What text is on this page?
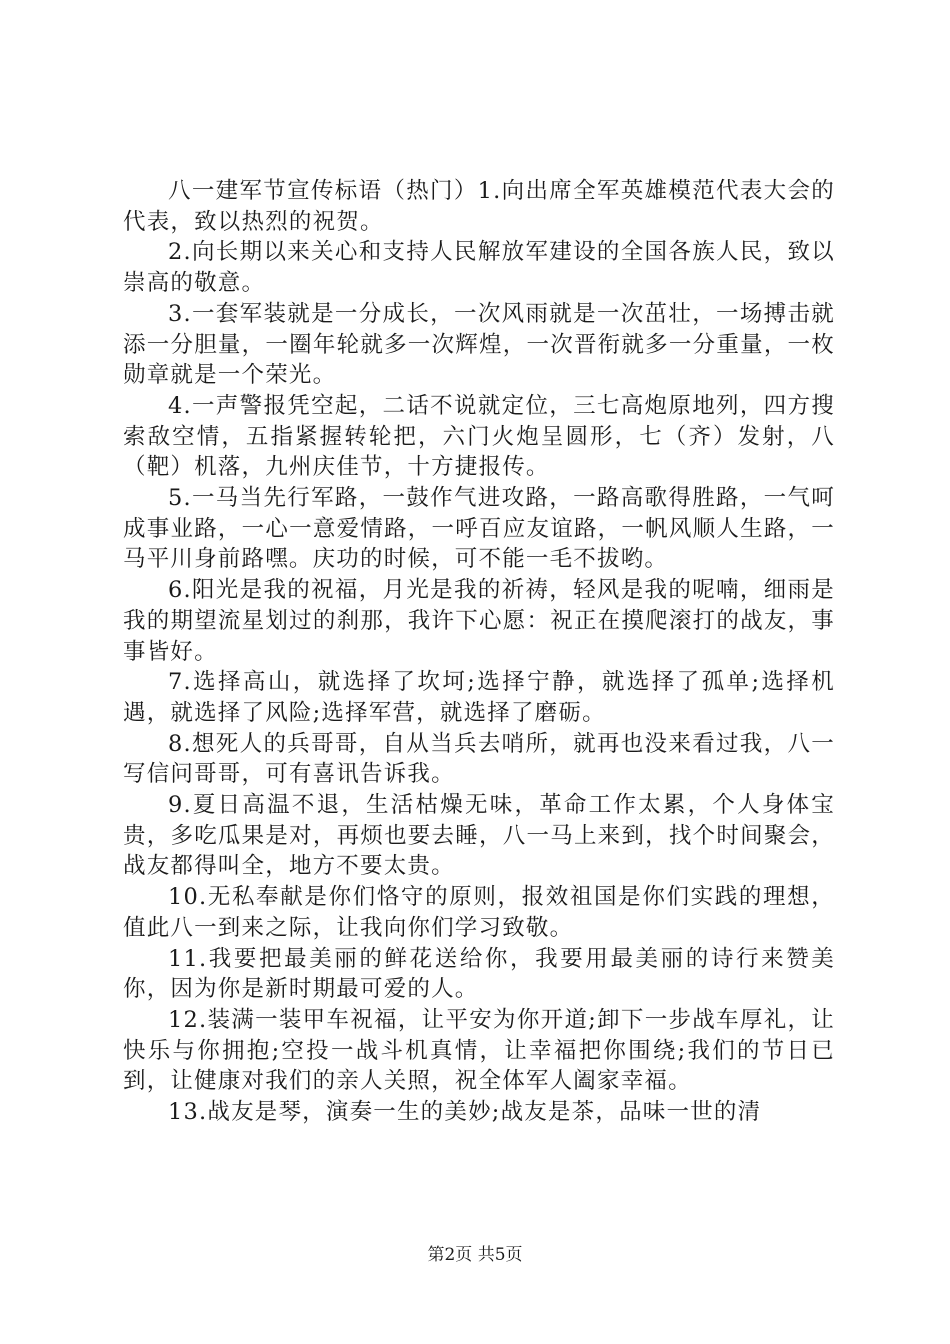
八一建军节宣传标语（热门）1.向出席全军英雄模范代表大会的代表，致以热烈的祝贺。

2.向长期以来关心和支持人民解放军建设的全国各族人民，致以崇高的敬意。

3.一套军装就是一分成长，一次风雨就是一次茁壮，一场搏击就添一分胆量，一圈年轮就多一次辉煌，一次晋衔就多一分重量，一枚勋章就是一个荣光。

4.一声警报凭空起，二话不说就定位，三七高炮原地列，四方搜索敌空情，五指紧握转轮把，六门火炮呈圆形，七（齐）发射，八（靶）机落，九州庆佳节，十方捷报传。

5.一马当先行军路，一鼓作气进攻路，一路高歌得胜路，一气呵成事业路，一心一意爱情路，一呼百应友谊路，一帆风顺人生路，一马平川身前路嘿。庆功的时候，可不能一毛不拔哟。

6.阳光是我的祝福，月光是我的祈祷，轻风是我的呢喃，细雨是我的期望流星划过的刹那，我许下心愿：祝正在摸爬滚打的战友，事事皆好。

7.选择高山，就选择了坎坷;选择宁静，就选择了孤单;选择机遇，就选择了风险;选择军营，就选择了磨砺。

8.想死人的兵哥哥，自从当兵去哨所，就再也没来看过我，八一写信问哥哥，可有喜讯告诉我。

9.夏日高温不退，生活枯燥无味，革命工作太累，个人身体宝贵，多吃瓜果是对，再烦也要去睡，八一马上来到，找个时间聚会，战友都得叫全，地方不要太贵。

10.无私奉献是你们恪守的原则，报效祖国是你们实践的理想，值此八一到来之际，让我向你们学习致敬。

11.我要把最美丽的鲜花送给你，我要用最美丽的诗行来赞美你，因为你是新时期最可爱的人。

12.装满一装甲车祝福，让平安为你开道;卸下一步战车厚礼，让快乐与你拥抱;空投一战斗机真情，让幸福把你围绕;我们的节日已到，让健康对我们的亲人关照，祝全体军人阖家幸福。

13.战友是琴，演奏一生的美妙;战友是茶，品味一世的清

第2页 共5页
